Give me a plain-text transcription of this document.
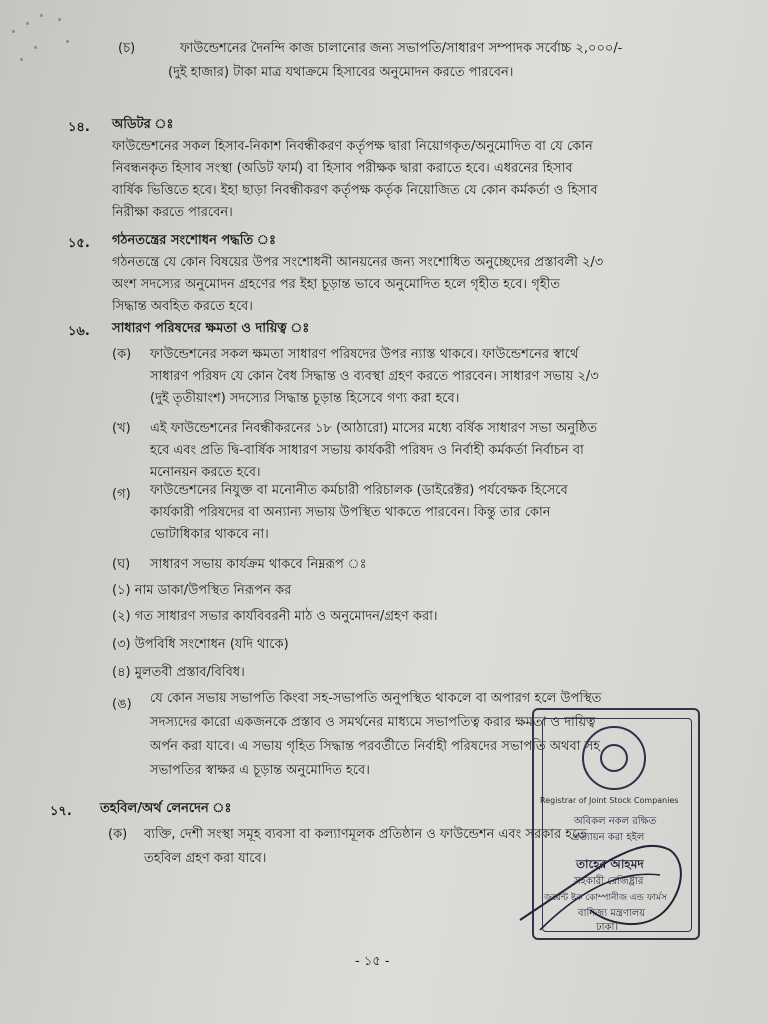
(চ)	ফাউন্ডেশনের দৈনন্দি কাজ চালানোর জন্য সভাপতি/সাধারণ সম্পাদক সর্বোচ্চ ২,০০০/-
(দুই হাজার) টাকা মাত্র যথাক্রমে হিসাবের অনুমোদন করতে পারবেন।
১৪. অডিটর ঃ
ফাউন্ডেশনের সকল হিসাব-নিকাশ নিবন্ধীকরণ কর্তৃপক্ষ দ্বারা নিয়োগকৃত/অনুমোদিত বা যে কোন
নিবন্ধনকৃত হিসাব সংস্থা (অডিট ফার্ম) বা হিসাব পরীক্ষক দ্বারা করাতে হবে। এধরনের হিসাব
বার্ষিক ভিত্তিতে হবে। ইহা ছাড়া নিবন্ধীকরণ কর্তৃপক্ষ কর্তৃক নিয়োজিত যে কোন কর্মকর্তা ও হিসাব
নিরীক্ষা করতে পারবেন।
১৫. গঠনতন্ত্রের সংশোধন পদ্ধতি ঃ
গঠনতন্ত্রে যে কোন বিষয়ের উপর সংশোধনী আনয়নের জন্য সংশোধিত অনুচ্ছেদের প্রস্তাবলী ২/৩
অংশ সদস্যের অনুমোদন গ্রহণের পর ইহা চূড়ান্ত ভাবে অনুমোদিত হলে গৃহীত হবে। গৃহীত
সিদ্ধান্ত অবহিত করতে হবে।
১৬. সাধারণ পরিষদের ক্ষমতা ও দায়িত্ব ঃ
(ক) ফাউন্ডেশনের সকল ক্ষমতা সাধারণ পরিষদের উপর ন্যাস্ত থাকবে। ফাউন্ডেশনের স্বার্থে
সাধারণ পরিষদ যে কোন বৈধ সিদ্ধান্ত ও ব্যবস্থা গ্রহণ করতে পারবেন। সাধারণ সভায় ২/৩
(দুই তৃতীয়াংশ) সদস্যের সিদ্ধান্ত চূড়ান্ত হিসেবে গণ্য করা হবে।
(খ) এই ফাউন্ডেশনের নিবন্ধীকরনের ১৮ (আঠারো) মাসের মধ্যে বর্ষিক সাধারণ সভা অনুষ্ঠিত
হবে এবং প্রতি দ্বি-বার্ষিক সাধারণ সভায় কার্যকরী পরিষদ ও নির্বাহী কর্মকর্তা নির্বাচন বা
মনোনয়ন করতে হবে।
(গ) ফাউন্ডেশনের নিযুক্ত বা মনোনীত কর্মচারী পরিচালক (ডাইরেক্টর) পর্যবেক্ষক হিসেবে
কার্যকারী পরিষদের বা অন্যান্য সভায় উপস্থিত থাকতে পারবেন। কিন্তু তার কোন
ভোটাধিকার থাকবে না।
(ঘ) সাধারণ সভায় কার্যক্রম থাকবে নিম্নরূপ ঃ
(১) নাম ডাকা/উপস্থিত নিরূপন কর
(২) গত সাধারণ সভার কার্যবিবরনী মাঠ ও অনুমোদন/গ্রহণ করা।
(৩) উপবিধি সংশোধন (যদি থাকে)
(৪) মুলতবী প্রস্তাব/বিবিধ।
(ঙ) যে কোন সভায় সভাপতি কিংবা সহ-সভাপতি অনুপস্থিত থাকলে বা অপারগ হলে উপস্থিত
সদস্যদের কারো একজনকে প্রস্তাব ও সমর্থনের মাধ্যমে সভাপতিত্ব করার ক্ষমতা ও দায়িত্ব
অর্পন করা যাবে। এ সভায় গৃহিত সিদ্ধান্ত পরবর্তীতে নির্বাহী পরিষদের সভাপতি অথবা সহ
সভাপতির স্বাক্ষর এ চূড়ান্ত অনুমোদিত হবে।
১৭. তহবিল/অর্থ লেনদেন ঃ
(ক) ব্যক্তি, দেশী সংস্থা সমূহ ব্যবসা বা কল্যাণমূলক প্রতিষ্ঠান ও ফাউন্ডেশন এবং সরকার হতে
তহবিল গ্রহণ করা যাবে।
Registrar of Joint Stock Companies
অবিকল নকল রক্ষিত
প্রত্যায়ন করা হইল
তাহের আহমদ
সহকারী রেজিষ্ট্রার
জয়েন্ট ষ্টক কোম্পানীজ এন্ড ফার্মস
বানিজ্য মন্ত্রণালয়
ঢাকা।
- ১৫ -
